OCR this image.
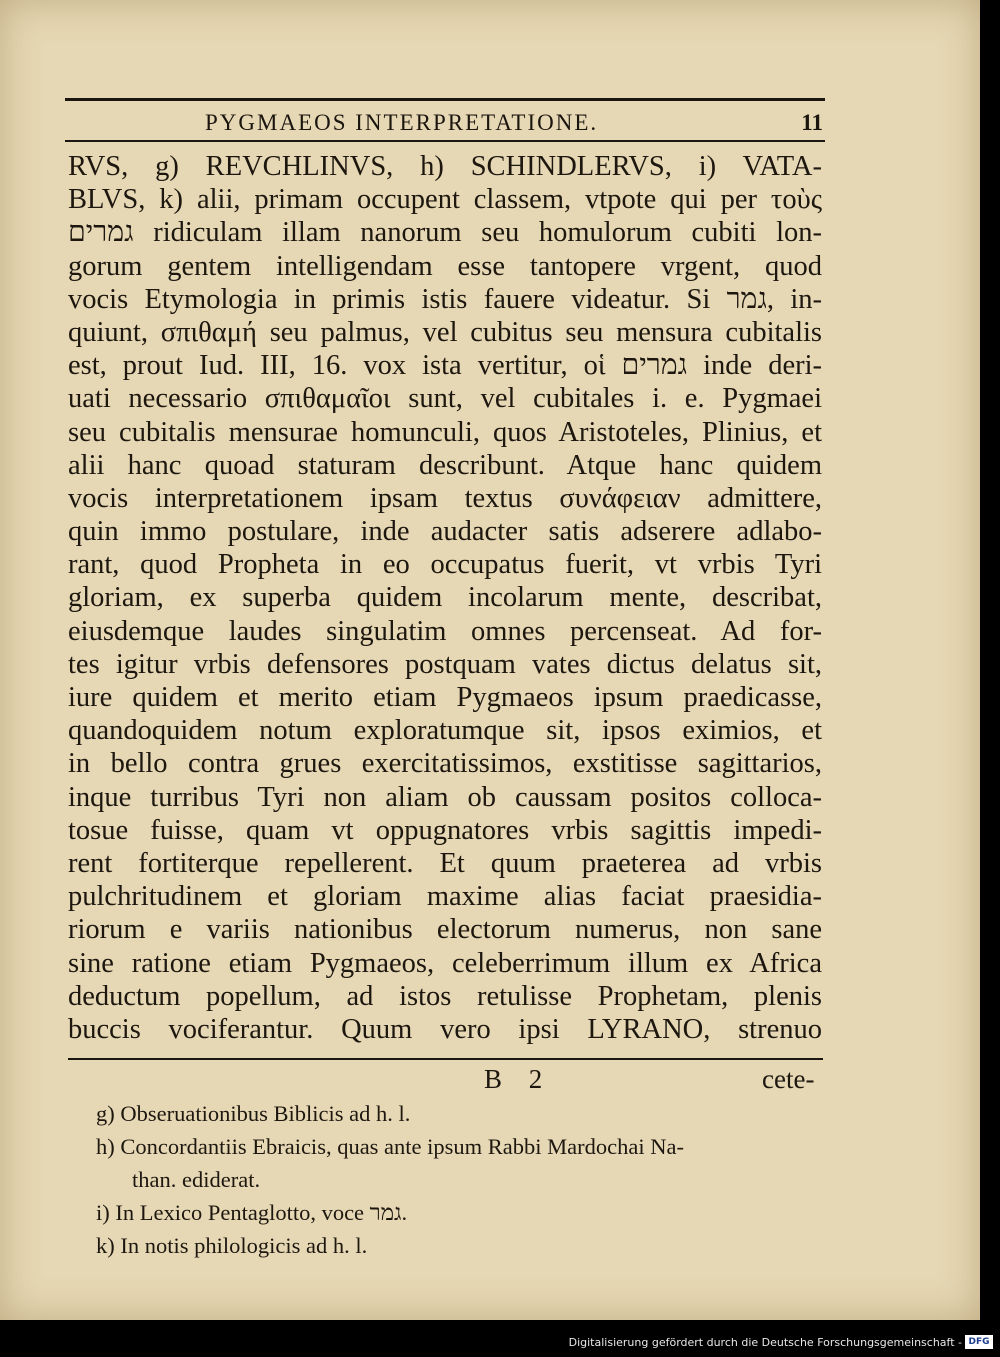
PYGMAEOS INTERPRETATIONE.	11
RVS, g) REVCHLINVS, h) SCHINDLERVS, i) VATA-
BLVS, k) alii, primam occupent classem, vtpote qui per τοὺς
גמרים ridiculam illam nanorum seu homulorum cubiti lon-
gorum gentem intelligendam esse tantopere vrgent, quod
vocis Etymologia in primis istis fauere videatur. Si גמר, in-
quiunt, σπιθαμή seu palmus, vel cubitus seu mensura cubitalis
est, prout Iud. III, 16. vox ista vertitur, οἱ גמרים inde deri-
uati necessario σπιθαμαῖοι sunt, vel cubitales i. e. Pygmaei
seu cubitalis mensurae homunculi, quos Aristoteles, Plinius, et
alii hanc quoad staturam describunt. Atque hanc quidem
vocis interpretationem ipsam textus συνάφειαν admittere,
quin immo postulare, inde audacter satis adserere adlabo-
rant, quod Propheta in eo occupatus fuerit, vt vrbis Tyri
gloriam, ex superba quidem incolarum mente, describat,
eiusdemque laudes singulatim omnes percenseat. Ad for-
tes igitur vrbis defensores postquam vates dictus delatus sit,
iure quidem et merito etiam Pygmaeos ipsum praedicasse,
quandoquidem notum exploratumque sit, ipsos eximios, et
in bello contra grues exercitatissimos, exstitisse sagittarios,
inque turribus Tyri non aliam ob caussam positos colloca-
tosue fuisse, quam vt oppugnatores vrbis sagittis impedi-
rent fortiterque repellerent. Et quum praeterea ad vrbis
pulchritudinem et gloriam maxime alias faciat praesidia-
riorum e variis nationibus electorum numerus, non sane
sine ratione etiam Pygmaeos, celeberrimum illum ex Africa
deductum popellum, ad istos retulisse Prophetam, plenis
buccis vociferantur. Quum vero ipsi LYRANO, strenuo
B 2	cete-
g) Obseruationibus Biblicis ad h. l.
h) Concordantiis Ebraicis, quas ante ipsum Rabbi Mardochai Na-
than. ediderat.
i) In Lexico Pentaglotto, voce גמר.
k) In notis philologicis ad h. l.
Digitalisierung gefördert durch die Deutsche Forschungsgemeinschaft - DFG
